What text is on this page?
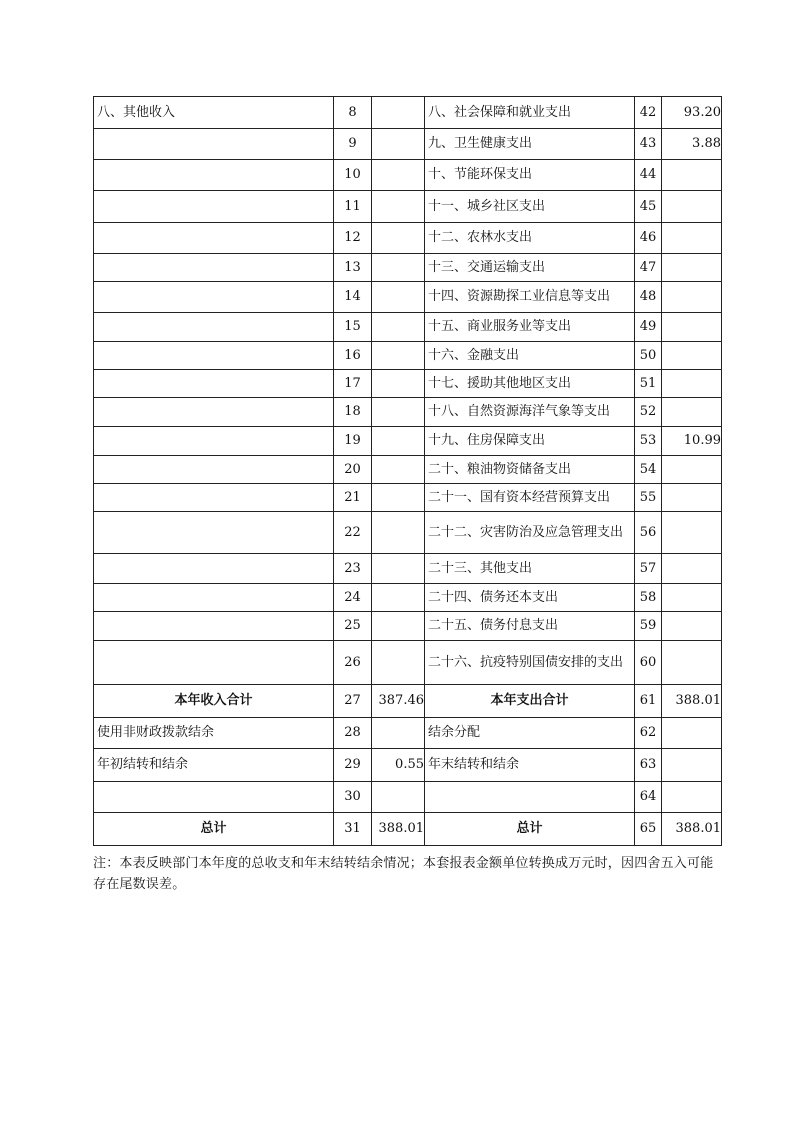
八、其他收入	8		八、社会保障和就业支出	42	93.20
	9		九、卫生健康支出	43	3.88
	10		十、节能环保支出	44	
	11		十一、城乡社区支出	45	
	12		十二、农林水支出	46	
	13		十三、交通运输支出	47	
	14		十四、资源勘探工业信息等支出	48	
	15		十五、商业服务业等支出	49	
	16		十六、金融支出	50	
	17		十七、援助其他地区支出	51	
	18		十八、自然资源海洋气象等支出	52	
	19		十九、住房保障支出	53	10.99
	20		二十、粮油物资储备支出	54	
	21		二十一、国有资本经营预算支出	55	
	22		二十二、灾害防治及应急管理支出	56	
	23		二十三、其他支出	57	
	24		二十四、债务还本支出	58	
	25		二十五、债务付息支出	59	
	26		二十六、抗疫特别国债安排的支出	60	
本年收入合计	27	387.46	本年支出合计	61	388.01
使用非财政拨款结余	28		结余分配	62	
年初结转和结余	29	0.55	年末结转和结余	63	
	30			64	
总计	31	388.01	总计	65	388.01
注：本表反映部门本年度的总收支和年末结转结余情况；本套报表金额单位转换成万元时，因四舍五入可能存在尾数误差。
